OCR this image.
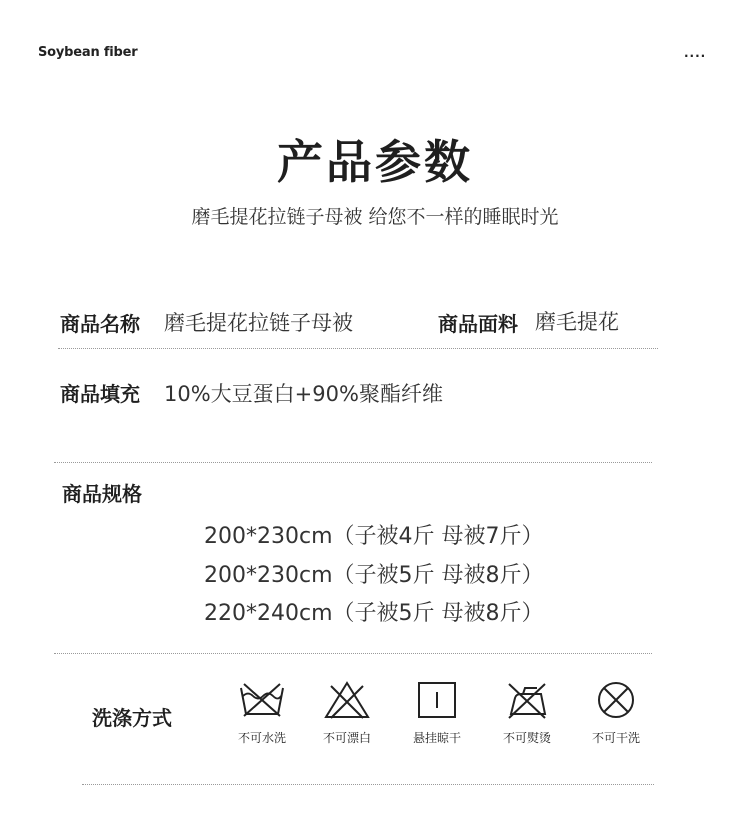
Soybean fiber	....
产品参数
磨毛提花拉链子母被 给您不一样的睡眠时光
商品名称 磨毛提花拉链子母被	商品面料 磨毛提花
商品填充 10%大豆蛋白+90%聚酯纤维
商品规格
200*230cm（子被4斤 母被7斤）
200*230cm（子被5斤 母被8斤）
220*240cm（子被5斤 母被8斤）
洗涤方式
不可水洗	不可漂白	悬挂晾干	不可熨烫	不可干洗
